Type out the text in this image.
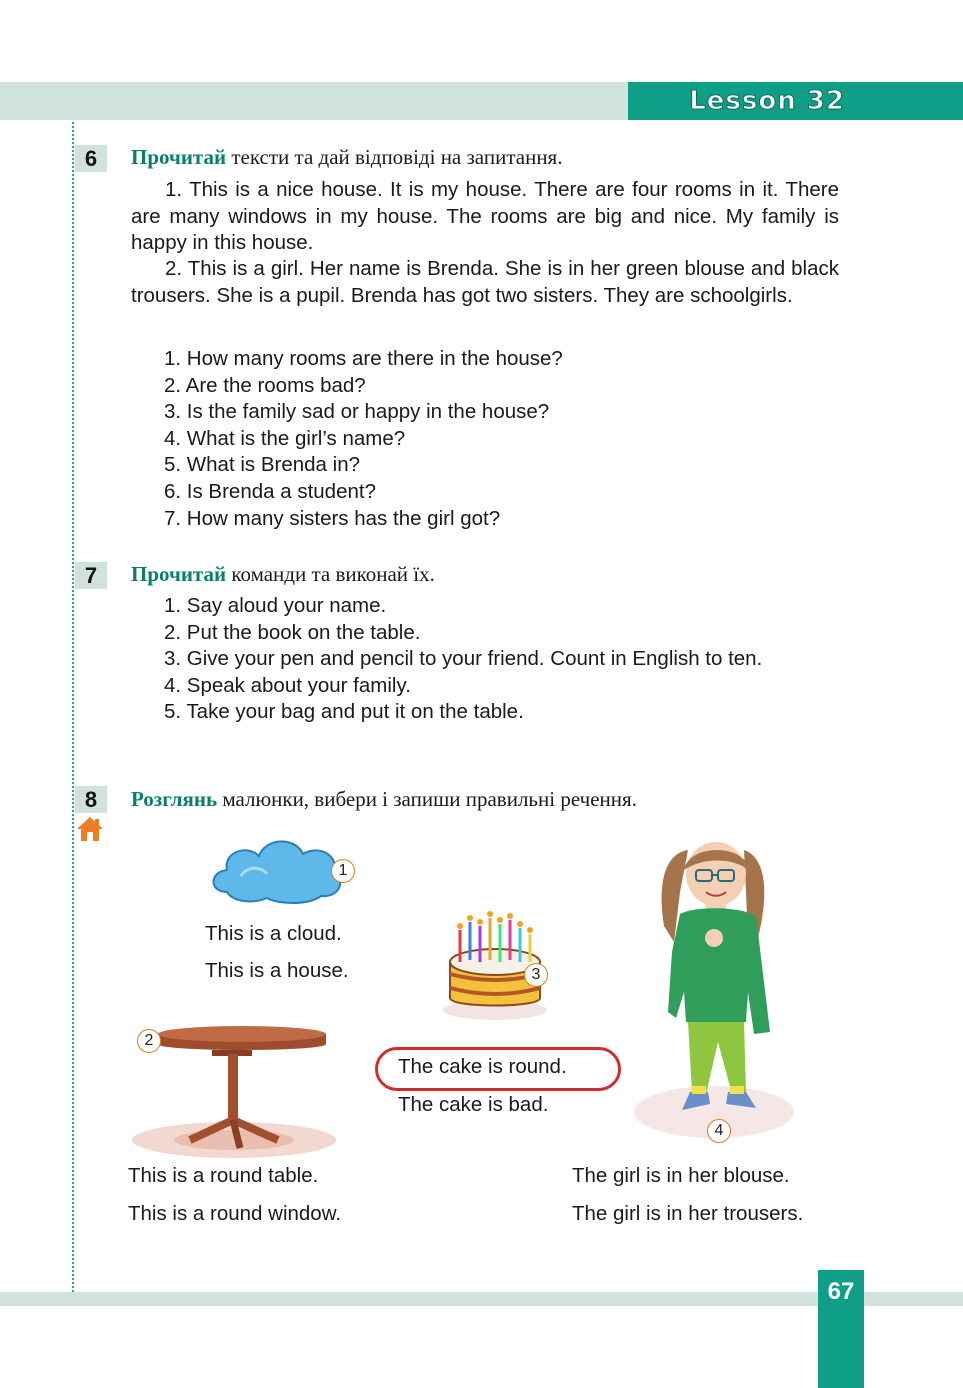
Lesson 32
6	Прочитай тексти та дай відповіді на запитання.

1. This is a nice house. It is my house. There are four rooms in it. There are many windows in my house. The rooms are big and nice. My family is happy in this house.

2. This is a girl. Her name is Brenda. She is in her green blouse and black trousers. She is a pupil. Brenda has got two sisters. They are schoolgirls.

1. How many rooms are there in the house?
2. Are the rooms bad?
3. Is the family sad or happy in the house?
4. What is the girl’s name?
5. What is Brenda in?
6. Is Brenda a student?
7. How many sisters has the girl got?
7	Прочитай команди та виконай їх.
1. Say aloud your name.
2. Put the book on the table.
3. Give your pen and pencil to your friend. Count in English to ten.
4. Speak about your family.
5. Take your bag and put it on the table.
8	Розглянь малюнки, вибери і запиши правильні речення.
1
This is a cloud.
This is a house.	3
The cake is round.
The cake is bad.
2
This is a round table.
This is a round window.
4
The girl is in her blouse.
The girl is in her trousers.
67
